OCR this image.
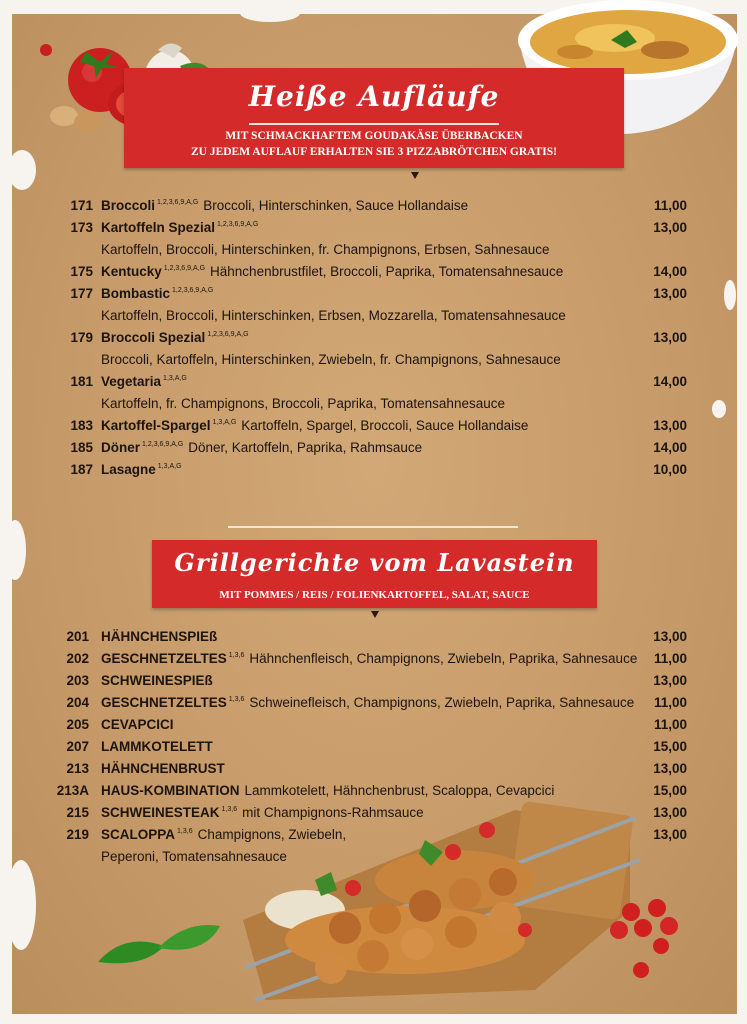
Heiße Aufläufe
MIT SCHMACKHAFTEM GOUDAKÄSE ÜBERBACKEN
ZU JEDEM AUFLAUF ERHALTEN SIE 3 PIZZABRÖTCHEN GRATIS!
171 Broccoli $^{1,2,3,6,9,A,G}$ Broccoli, Hinterschinken, Sauce Hollandaise	11,00
173 Kartoffeln Spezial $^{1,2,3,6,9,A,G}$	13,00
Kartoffeln, Broccoli, Hinterschinken, fr. Champignons, Erbsen, Sahnesauce
175 Kentucky $^{1,2,3,6,9,A,G}$ Hähnchenbrustfilet, Broccoli, Paprika, Tomatensahnesauce	14,00
177 Bombastic $^{1,2,3,6,9,A,G}$	13,00
Kartoffeln, Broccoli, Hinterschinken, Erbsen, Mozzarella, Tomatensahnesauce
179 Broccoli Spezial $^{1,2,3,6,9,A,G}$	13,00
Broccoli, Kartoffeln, Hinterschinken, Zwiebeln, fr. Champignons, Sahnesauce
181 Vegetaria $^{1,3,A,G}$	14,00
Kartoffeln, fr. Champignons, Broccoli, Paprika, Tomatensahnesauce
183 Kartoffel-Spargel $^{1,3,A,G}$ Kartoffeln, Spargel, Broccoli, Sauce Hollandaise	13,00
185 Döner $^{1,2,3,6,9,A,G}$ Döner, Kartoffeln, Paprika, Rahmsauce	14,00
187 Lasagne $^{1,3,A,G}$	10,00
Grillgerichte vom Lavastein
MIT POMMES / REIS / FOLIENKARTOFFEL, SALAT, SAUCE
201 HÄHNCHENSPIEß	13,00
202 GESCHNETZELTES $^{1,3,6}$ Hähnchenfleisch, Champignons, Zwiebeln, Paprika, Sahnesauce 11,00
203 SCHWEINESPIEß	13,00
204 GESCHNETZELTES $^{1,3,6}$ Schweinefleisch, Champignons, Zwiebeln, Paprika, Sahnesauce 11,00
205 CEVAPCICI	11,00
207 LAMMKOTELETT	15,00
213 HÄHNCHENBRUST	13,00
213A HAUS-KOMBINATION Lammkotelett, Hähnchenbrust, Scaloppa, Cevapcici	15,00
215 SCHWEINESTEAK $^{1,3,6}$ mit Champignons-Rahmsauce	13,00
219 SCALOPPA $^{1,3,6}$ Champignons, Zwiebeln,	13,00
Peperoni, Tomatensahnesauce
